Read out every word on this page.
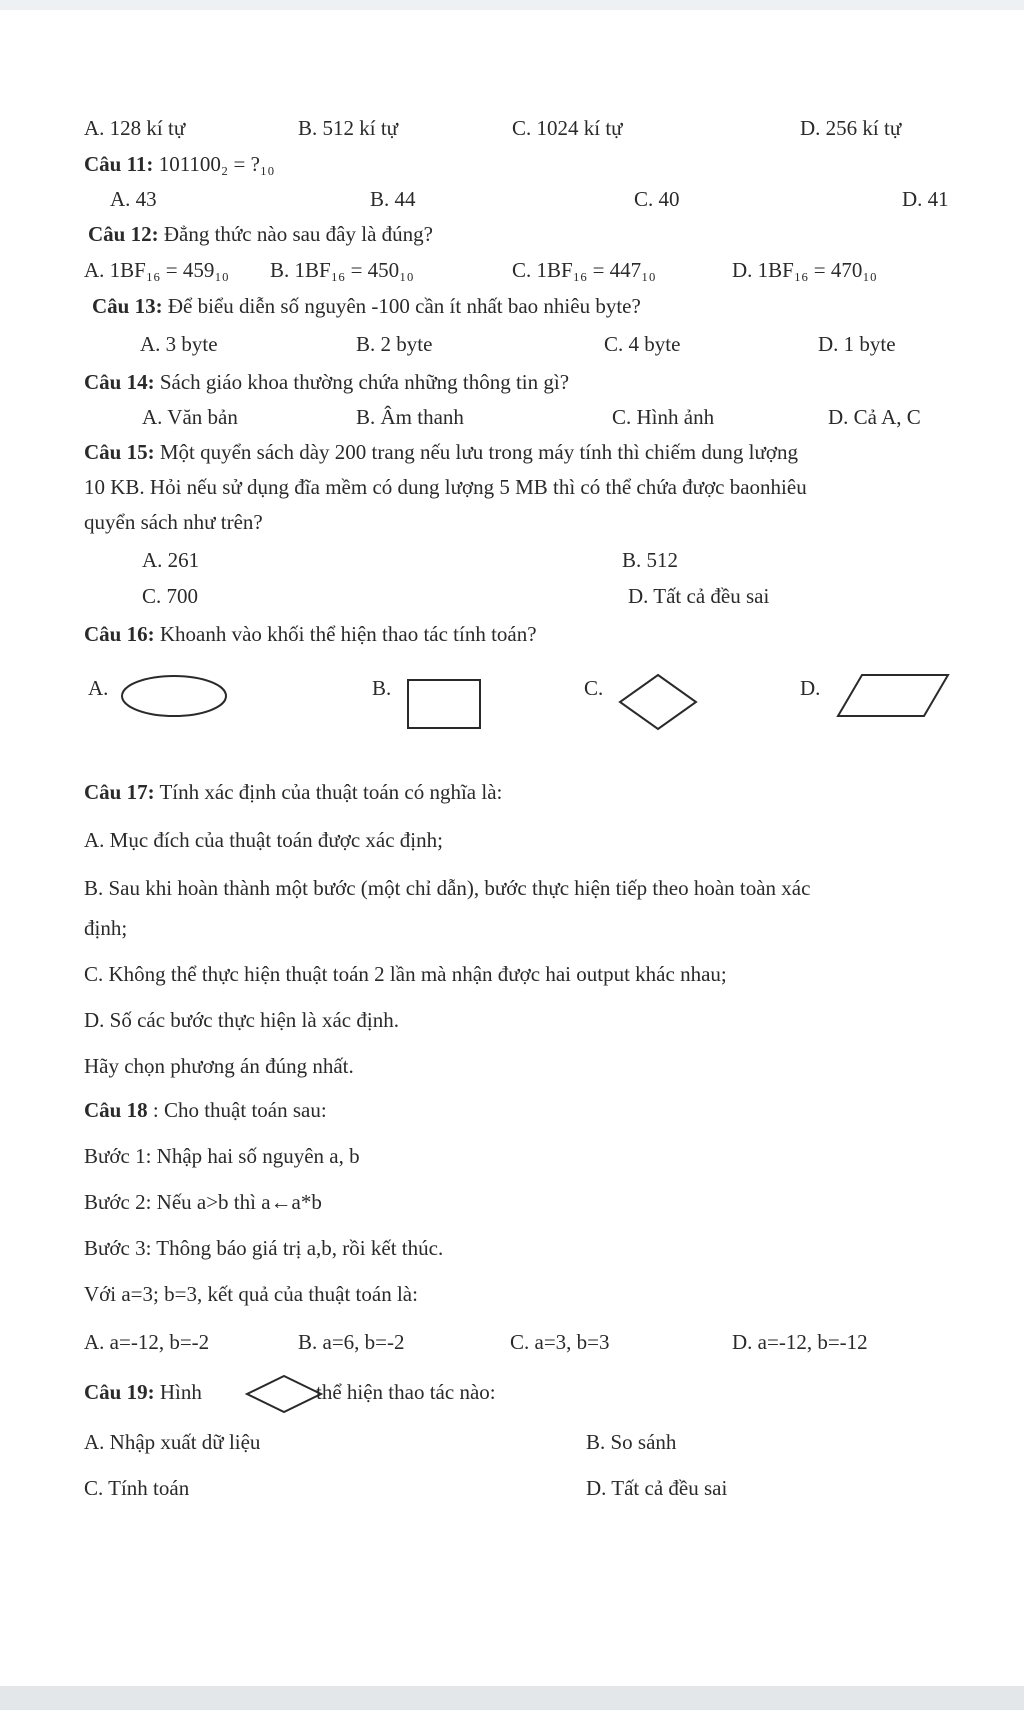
A. 128 kí tự	B. 512 kí tự	C. 1024 kí tự	D. 256 kí tự
Câu 11: 101100₂ = ?₁₀
A. 43	B. 44	C. 40	D. 41
Câu 12: Đẳng thức nào sau đây là đúng?
A. 1BF₁₆ = 459₁₀ B. 1BF₁₆ = 450₁₀	C. 1BF₁₆ = 447₁₀	D. 1BF₁₆ = 470₁₀
Câu 13: Để biểu diễn số nguyên -100 cần ít nhất bao nhiêu byte?
A. 3 byte	B. 2 byte	C. 4 byte	D. 1 byte
Câu 14: Sách giáo khoa thường chứa những thông tin gì?
A. Văn bản	B. Âm thanh	C. Hình ảnh	D. Cả A, C
Câu 15: Một quyển sách dày 200 trang nếu lưu trong máy tính thì chiếm dung lượng
10 KB. Hỏi nếu sử dụng đĩa mềm có dung lượng 5 MB thì có thể chứa được baonhiêu
quyển sách như trên?
A. 261	B. 512
C. 700	D. Tất cả đều sai
Câu 16: Khoanh vào khối thể hiện thao tác tính toán?
A.	B.	C.	D.
Câu 17: Tính xác định của thuật toán có nghĩa là:
A. Mục đích của thuật toán được xác định;
B. Sau khi hoàn thành một bước (một chỉ dẫn), bước thực hiện tiếp theo hoàn toàn xác
định;
C. Không thể thực hiện thuật toán 2 lần mà nhận được hai output khác nhau;
D. Số các bước thực hiện là xác định.
Hãy chọn phương án đúng nhất.
Câu 18 : Cho thuật toán sau:
Bước 1: Nhập hai số nguyên a, b
Bước 2: Nếu a>b thì a←a*b
Bước 3: Thông báo giá trị a,b, rồi kết thúc.
Với a=3; b=3, kết quả của thuật toán là:
A. a=-12, b=-2	B. a=6, b=-2	C. a=3, b=3	D. a=-12, b=-12
Câu 19: Hình	thể hiện thao tác nào:
A. Nhập xuất dữ liệu	B. So sánh
C. Tính toán	D. Tất cả đều sai
